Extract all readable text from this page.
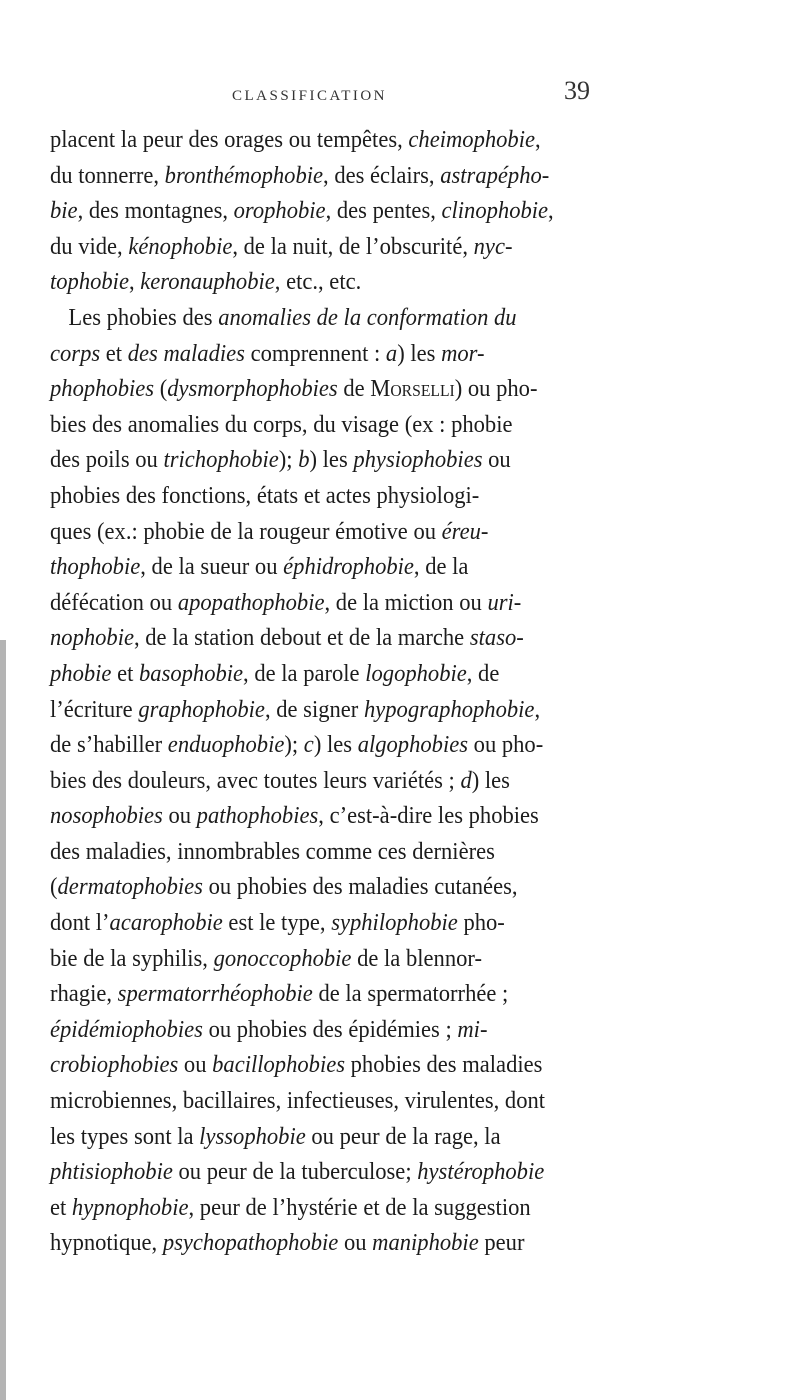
CLASSIFICATION	39
placent la peur des orages ou tempêtes, cheimophobie,
du tonnerre, bronthémophobie, des éclairs, astrapépho-
bie, des montagnes, orophobie, des pentes, clinophobie,
du vide, kénophobie, de la nuit, de l’obscurité, nyc-
tophobie, keronauphobie, etc., etc.
Les phobies des anomalies de la conformation du
corps et des maladies comprennent : a) les mor-
phophobies (dysmorphophobies de Morselli) ou pho-
bies des anomalies du corps, du visage (ex : phobie
des poils ou trichophobie); b) les physiophobies ou
phobies des fonctions, états et actes physiologi-
ques (ex.: phobie de la rougeur émotive ou éreu-
thophobie, de la sueur ou éphidrophobie, de la
défécation ou apopathophobie, de la miction ou uri-
nophobie, de la station debout et de la marche staso-
phobie et basophobie, de la parole logophobie, de
l’écriture graphophobie, de signer hypographophobie,
de s’habiller enduophobie); c) les algophobies ou pho-
bies des douleurs, avec toutes leurs variétés ; d) les
nosophobies ou pathophobies, c’est-à-dire les phobies
des maladies, innombrables comme ces dernières
(dermatophobies ou phobies des maladies cutanées,
dont l’acarophobie est le type, syphilophobie pho-
bie de la syphilis, gonoccophobie de la blennor-
rhagie, spermatorrhéophobie de la spermatorrhée ;
épidémiophobies ou phobies des épidémies ; mi-
crobiophobies ou bacillophobies phobies des maladies
microbiennes, bacillaires, infectieuses, virulentes, dont
les types sont la lyssophobie ou peur de la rage, la
phtisiophobie ou peur de la tuberculose; hystérophobie
et hypnophobie, peur de l’hystérie et de la suggestion
hypnotique, psychopathophobie ou maniphobie peur
